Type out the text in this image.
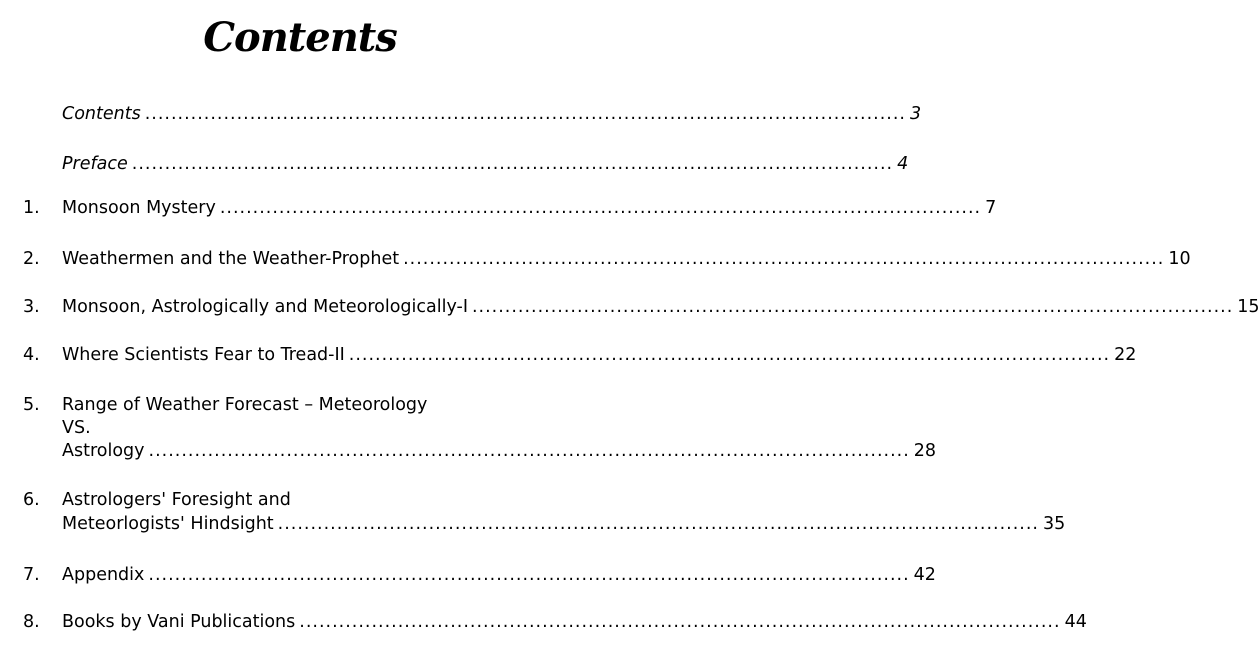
Contents
Contents .................................................................................................................... 3
Preface .................................................................................................................... 4
1. Monsoon Mystery .................................................................................................................... 7
2. Weathermen and the Weather-Prophet .................................................................................................................... 10
3. Monsoon, Astrologically and Meteorologically-I .................................................................................................................... 15
4. Where Scientists Fear to Tread-II .................................................................................................................... 22
5. Range of Weather Forecast – Meteorology
VS.
Astrology .................................................................................................................... 28
6. Astrologers' Foresight and
Meteorlogists' Hindsight .................................................................................................................... 35
7. Appendix .................................................................................................................... 42
8. Books by Vani Publications .................................................................................................................... 44
